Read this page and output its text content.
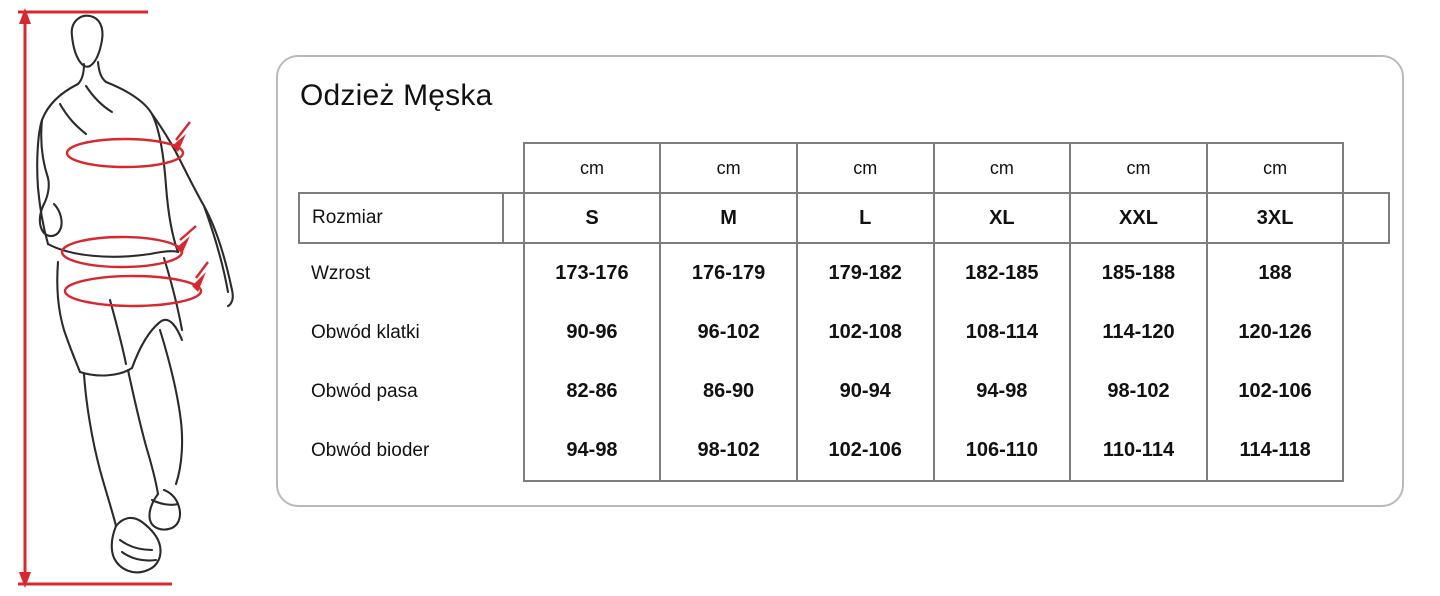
Odzież Męska
		cm	cm	cm	cm	cm	cm	
Rozmiar		S	M	L	XL	XXL	3XL	
Wzrost		173-176	176-179	179-182	182-185	185-188	188	
Obwód klatki		90-96	96-102	102-108	108-114	114-120	120-126	
Obwód pasa		82-86	86-90	90-94	94-98	98-102	102-106	
Obwód bioder		94-98	98-102	102-106	106-110	110-114	114-118	
